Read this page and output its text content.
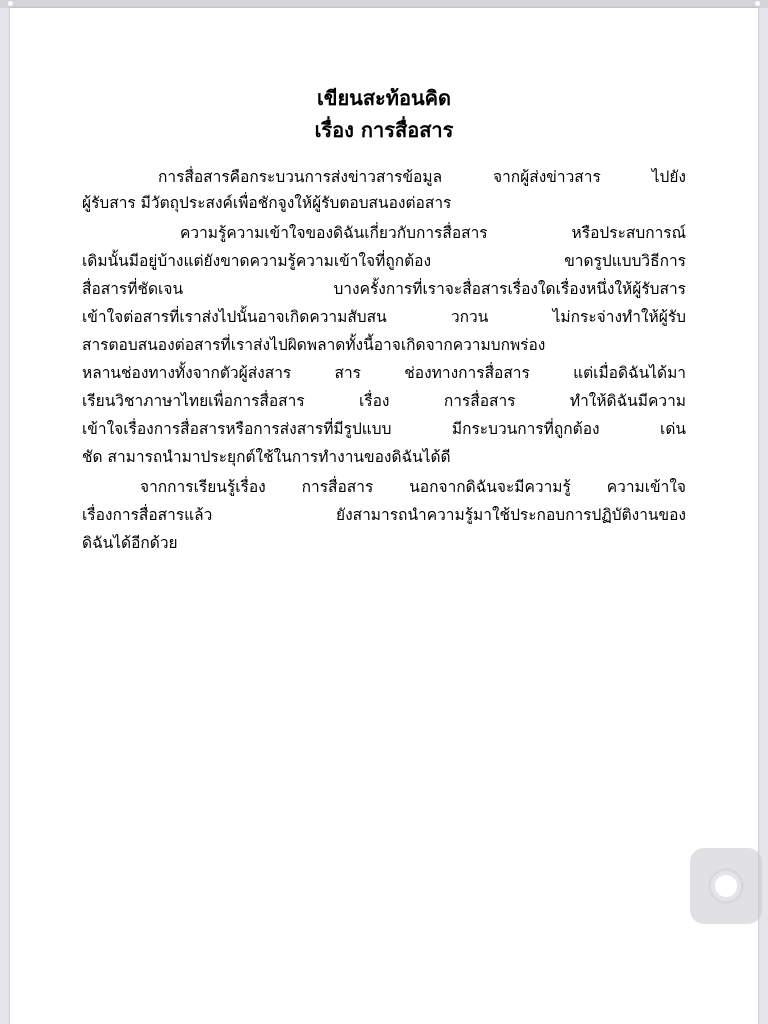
เขียนสะท้อนคิด
เรื่อง การสื่อสาร
การสื่อสารคือกระบวนการส่งข่าวสารข้อมูล จากผู้ส่งข่าวสาร ไปยัง
ผู้รับสาร มีวัตถุประสงค์เพื่อชักจูงให้ผู้รับตอบสนองต่อสาร
ความรู้ความเข้าใจของดิฉันเกี่ยวกับการสื่อสาร หรือประสบการณ์
เดิมนั้นมีอยู่บ้างแต่ยังขาดความรู้ความเข้าใจที่ถูกต้อง ขาดรูปแบบวิธีการ
สื่อสารที่ชัดเจน บางครั้งการที่เราจะสื่อสารเรื่องใดเรื่องหนึ่งให้ผู้รับสาร
เข้าใจต่อสารที่เราส่งไปนั้นอาจเกิดความสับสน วกวน ไม่กระจ่างทำให้ผู้รับ
สารตอบสนองต่อสารที่เราส่งไปผิดพลาดทั้งนี้อาจเกิดจากความบกพร่อง
หลานช่องทางทั้งจากตัวผู้ส่งสาร สาร ช่องทางการสื่อสาร แต่เมื่อดิฉันได้มา
เรียนวิชาภาษาไทยเพื่อการสื่อสาร เรื่อง การสื่อสาร ทำให้ดิฉันมีความ
เข้าใจเรื่องการสื่อสารหรือการส่งสารที่มีรูปแบบ มีกระบวนการที่ถูกต้อง เด่น
ชัด สามารถนำมาประยุกต์ใช้ในการทำงานของดิฉันได้ดี
จากการเรียนรู้เรื่อง การสื่อสาร นอกจากดิฉันจะมีความรู้ ความเข้าใจ
เรื่องการสื่อสารแล้ว ยังสามารถนำความรู้มาใช้ประกอบการปฏิบัติงานของ
ดิฉันได้อีกด้วย
